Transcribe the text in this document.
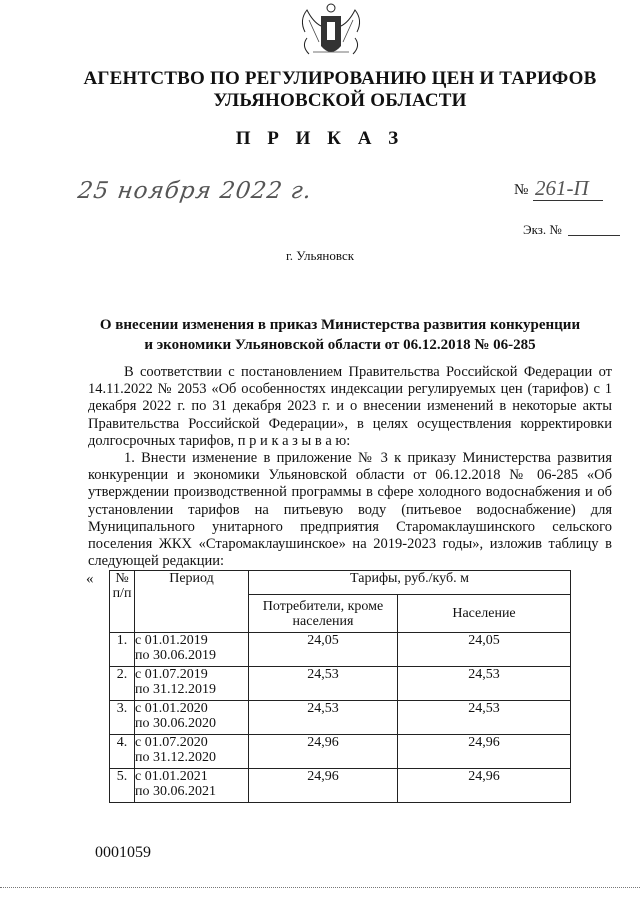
АГЕНТСТВО ПО РЕГУЛИРОВАНИЮ ЦЕН И ТАРИФОВ
УЛЬЯНОВСКОЙ ОБЛАСТИ
П Р И К А З
25 ноября 2022 г.	№ 261-П
Экз. №
г. Ульяновск
О внесении изменения в приказ Министерства развития конкуренции
и экономики Ульяновской области от 06.12.2018 № 06-285

В соответствии с постановлением Правительства Российской Федерации от 14.11.2022 № 2053 «Об особенностях индексации регулируемых цен (тарифов) с 1 декабря 2022 г. по 31 декабря 2023 г. и о внесении изменений в некоторые акты Правительства Российской Федерации», в целях осуществления корректировки долгосрочных тарифов, п р и к а з ы в а ю:

1. Внести изменение в приложение № 3 к приказу Министерства развития конкуренции и экономики Ульяновской области от 06.12.2018 № 06-285 «Об утверждении производственной программы в сфере холодного водоснабжения и об установлении тарифов на питьевую воду (питьевое водоснабжение) для Муниципального унитарного предприятия Старомаклаушинского сельского поселения ЖКХ «Старомаклаушинское» на 2019-2023 годы», изложив таблицу в следующей редакции:

« № п/п	Период	Тарифы, руб./куб. м	
		Потребители, кроме населения	Население
1.	с 01.01.2019
по 30.06.2019	24,05	24,05
2.	с 01.07.2019
по 31.12.2019	24,53	24,53
3.	с 01.01.2020
по 30.06.2020	24,53	24,53
4.	с 01.07.2020
по 31.12.2020	24,96	24,96
5.	с 01.01.2021
по 30.06.2021	24,96	24,96
0001059
